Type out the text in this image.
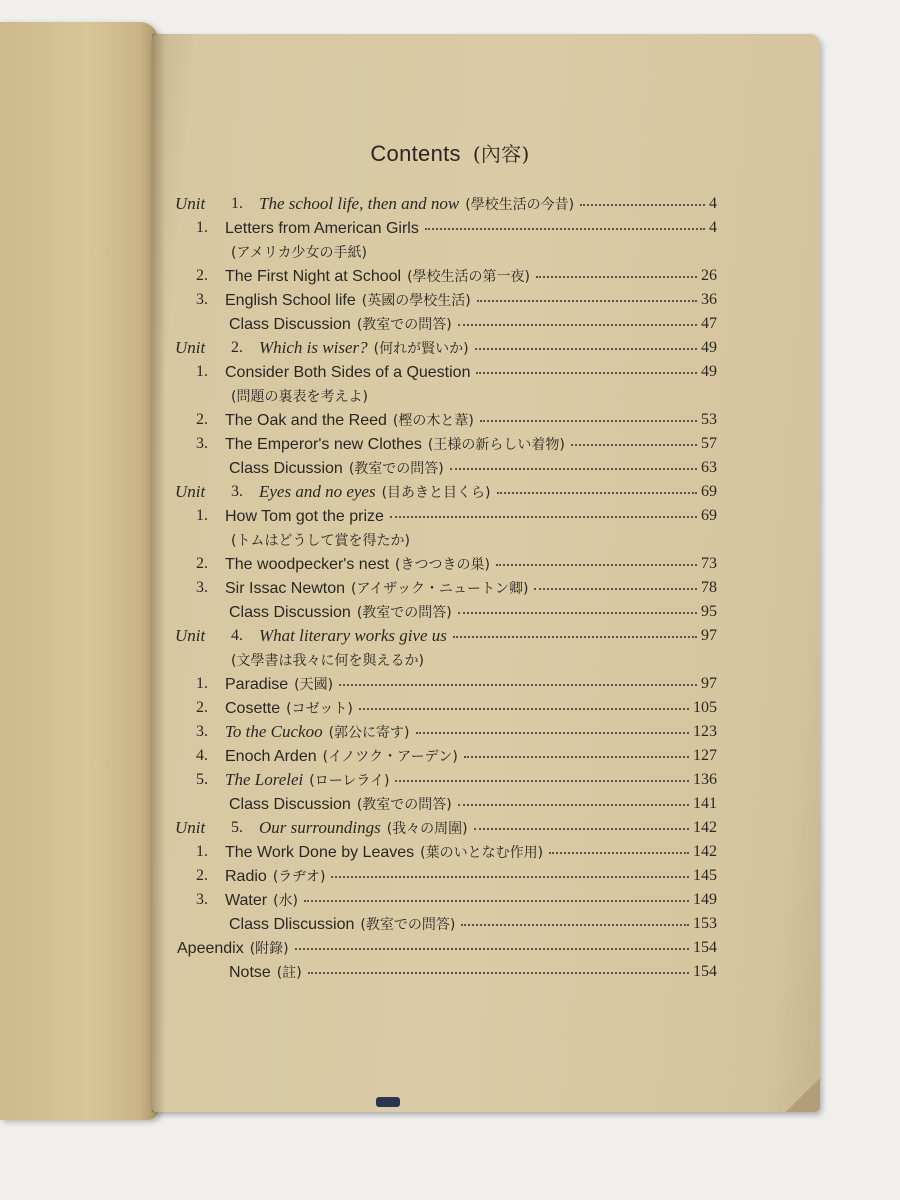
Contents (內容)
Unit 1. The school life, then and now (學校生活の今昔)	4
1.	Letters from American Girls	4
(アメリカ少女の手紙)
2.	The First Night at School (學校生活の第一夜)	26
3.	English School life (英國の學校生活)	36
Class Discussion (教室での問答)	47
Unit 2. Which is wiser? (何れが賢いか)	49
1.	Consider Both Sides of a Question	49
(問題の裏表を考えよ)
2.	The Oak and the Reed (樫の木と葦)	53
3.	The Emperor's new Clothes (王様の新らしい着物)	57
Class Dicussion (教室での問答)	63
Unit 3. Eyes and no eyes (目あきと目くら)	69
1.	How Tom got the prize	69
(トムはどうして賞を得たか)
2.	The woodpecker's nest (きつつきの巣)	73
3.	Sir Issac Newton (アイザック・ニュートン卿)	78
Class Discussion (教室での問答)	95
Unit 4. What literary works give us	97
(文學書は我々に何を與えるか)
1.	Paradise (天國)	97
2.	Cosette (コゼット)	105
3.	To the Cuckoo (郭公に寄す)	123
4.	Enoch Arden (イノツク・アーデン)	127
5.	The Lorelei (ローレライ)	136
Class Discussion (教室での問答)	141
Unit 5. Our surroundings (我々の周圍)	142
1.	The Work Done by Leaves (葉のいとなむ作用)	142
2.	Radio (ラヂオ)	145
3.	Water (水)	149
Class Dliscussion (教室での問答)	153
Apeendix (附錄)	154
Notse (註)	154
